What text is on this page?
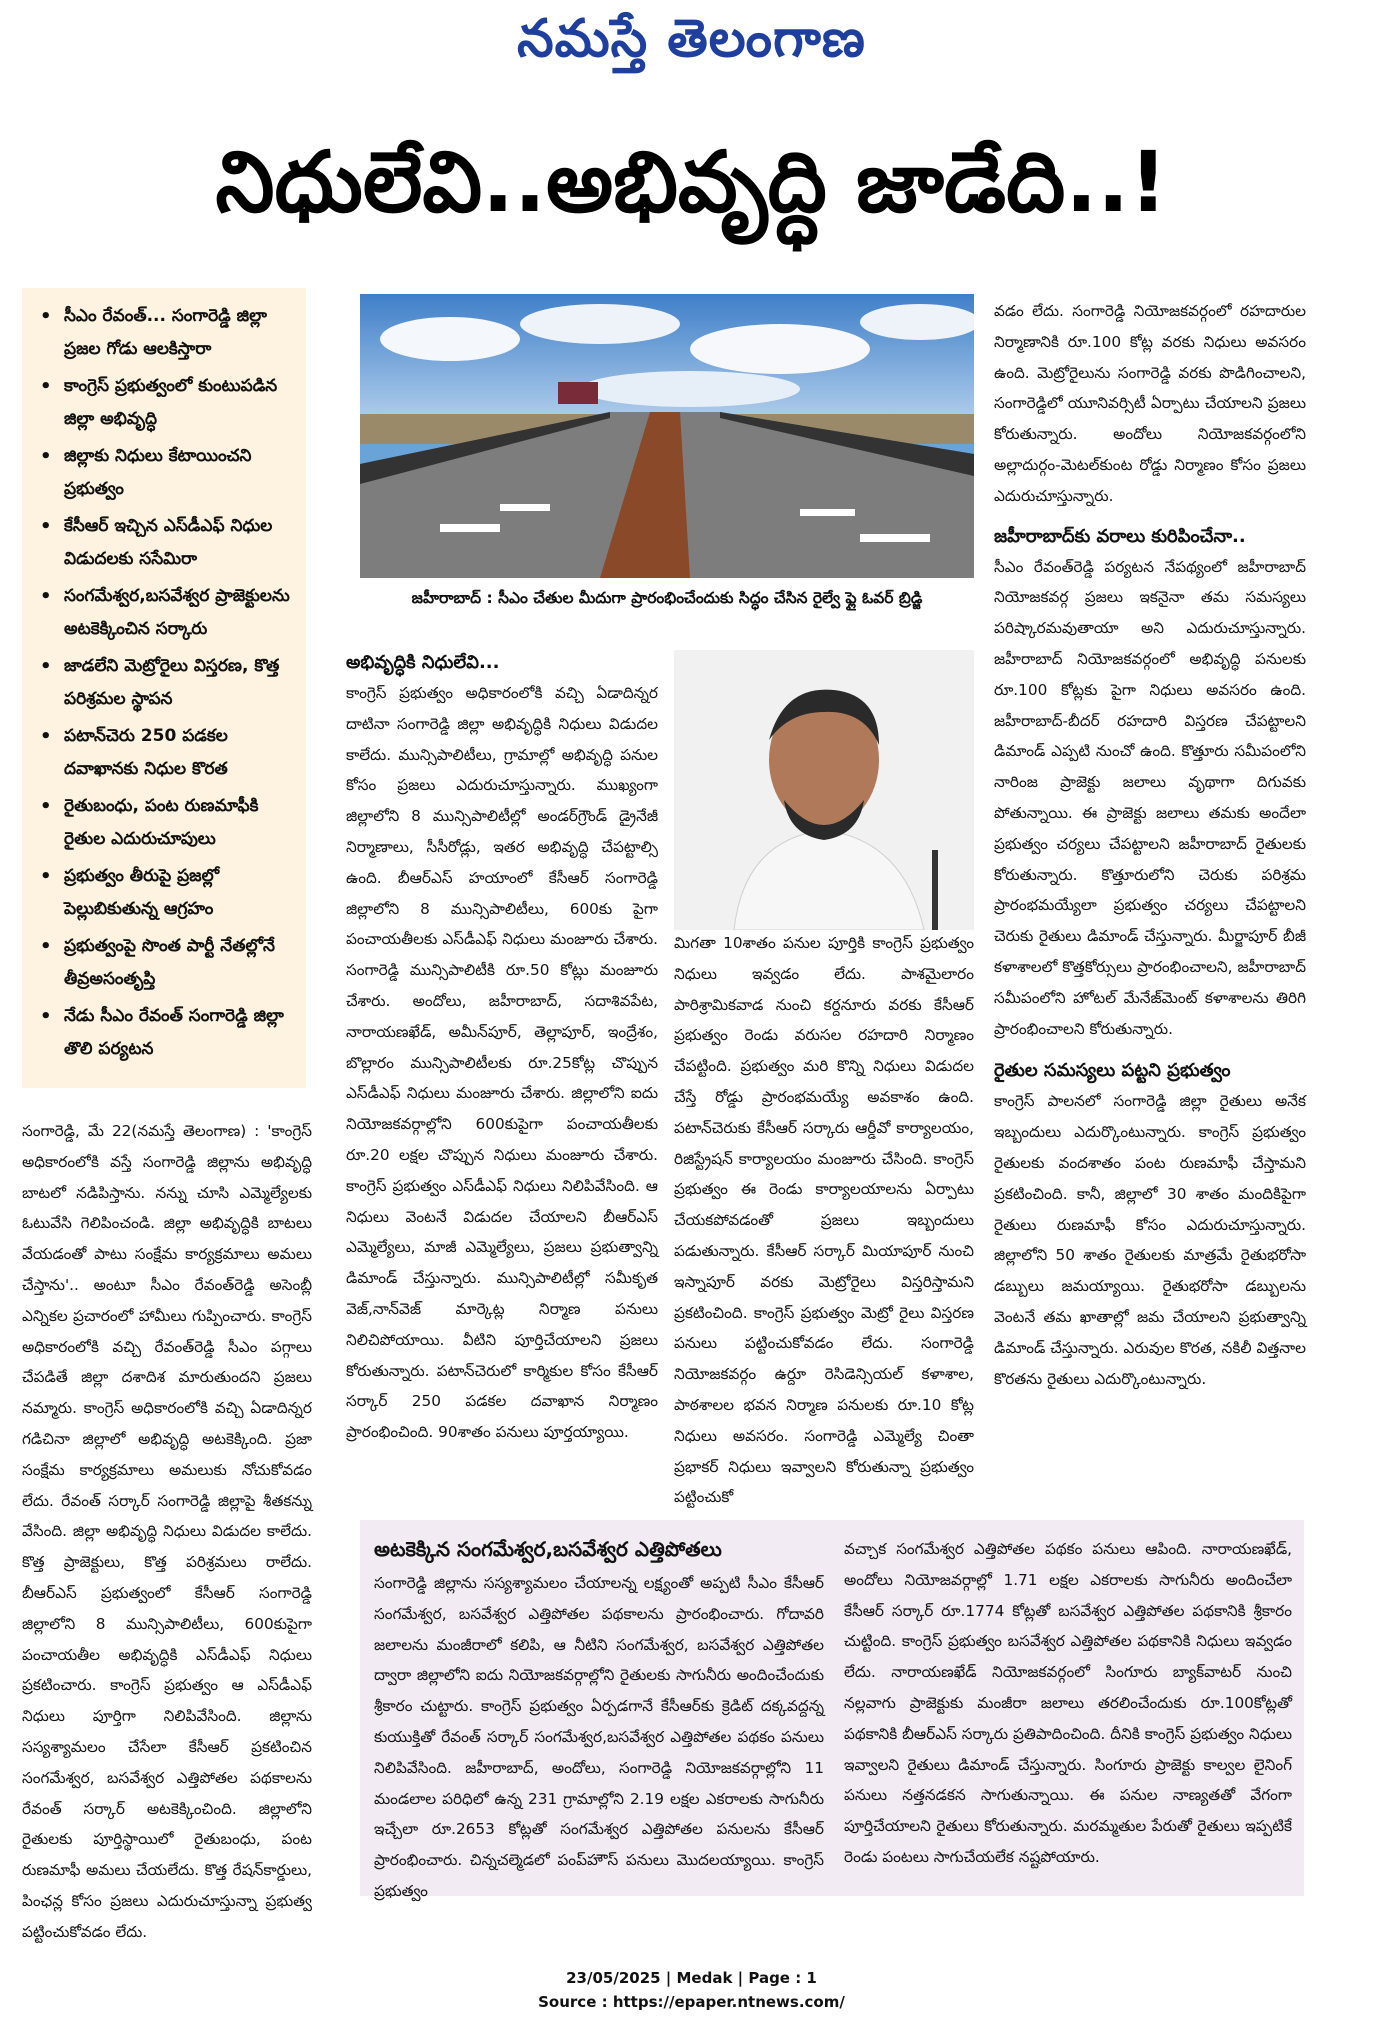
నమస్తే తెలంగాణ
నిధులేవి..అభివృద్ధి జాడేది..!
• సీఎం రేవంత్... సంగారెడ్డి జిల్లా ప్రజల గోడు ఆలకిస్తారా
• కాంగ్రెస్ ప్రభుత్వంలో కుంటుపడిన జిల్లా అభివృద్ధి
• జిల్లాకు నిధులు కేటాయించని ప్రభుత్వం
• కేసీఆర్ ఇచ్చిన ఎస్‌డీఎఫ్ నిధుల విడుదలకు ససేమిరా
• సంగమేశ్వర,బసవేశ్వర ప్రాజెక్టులను అటకెక్కించిన సర్కారు
• జాడలేని మెట్రోరైలు విస్తరణ, కొత్త పరిశ్రమల స్థాపన
• పటాన్‌చెరు 250 పడకల దవాఖానకు నిధుల కొరత
• రైతుబంధు, పంట రుణమాఫీకి రైతుల ఎదురుచూపులు
• ప్రభుత్వం తీరుపై ప్రజల్లో పెల్లుబికుతున్న ఆగ్రహం
• ప్రభుత్వంపై సొంత పార్టీ నేతల్లోనే తీవ్రఅసంతృప్తి
• నేడు సీఎం రేవంత్ సంగారెడ్డి జిల్లా తొలి పర్యటన
జహీరాబాద్ : సీఎం చేతుల మీదుగా ప్రారంభించేందుకు సిద్ధం చేసిన రైల్వే ఫ్లై ఓవర్ బ్రిడ్జి

సంగారెడ్డి, మే 22(నమస్తే తెలంగాణ) : 'కాంగ్రెస్ అధికారంలోకి వస్తే సంగారెడ్డి జిల్లాను అభివృద్ధి బాటలో నడిపిస్తాను. నన్ను చూసి ఎమ్మెల్యేలకు ఓటువేసి గెలిపించండి. జిల్లా అభివృద్ధికి బాటలు వేయడంతో పాటు సంక్షేమ కార్యక్రమాలు అమలు చేస్తాను'.. అంటూ సీఎం రేవంత్‌రెడ్డి అసెంబ్లీ ఎన్నికల ప్రచారంలో హామీలు గుప్పించారు. కాంగ్రెస్ అధికారంలోకి వచ్చి రేవంత్‌రెడ్డి సీఎం పగ్గాలు చేపడితే జిల్లా దశాదిశ మారుతుందని ప్రజలు నమ్మారు. కాంగ్రెస్ అధికారంలోకి వచ్చి ఏడాదిన్నర గడిచినా జిల్లాలో అభివృద్ధి అటకెక్కింది. ప్రజా సంక్షేమ కార్యక్రమాలు అమలుకు నోచుకోవడం లేదు. రేవంత్ సర్కార్ సంగారెడ్డి జిల్లాపై శీతకన్ను వేసింది. జిల్లా అభివృద్ధి నిధులు విడుదల కాలేదు. కొత్త ప్రాజెక్టులు, కొత్త పరిశ్రమలు రాలేదు. బీఆర్‌ఎస్ ప్రభుత్వంలో కేసీఆర్ సంగారెడ్డి జిల్లాలోని 8 మున్సిపాలిటీలు, 600కుపైగా పంచాయతీల అభివృద్ధికి ఎస్‌డీఎఫ్ నిధులు ప్రకటించారు. కాంగ్రెస్ ప్రభుత్వం ఆ ఎస్‌డీఎఫ్ నిధులు పూర్తిగా నిలిపివేసింది. జిల్లాను సస్యశ్యామలం చేసేలా కేసీఆర్ ప్రకటించిన సంగమేశ్వర, బసవేశ్వర ఎత్తిపోతల పథకాలను రేవంత్ సర్కార్ అటకెక్కించింది. జిల్లాలోని రైతులకు పూర్తిస్థాయిలో రైతుబంధు, పంట రుణమాఫీ అమలు చేయలేదు. కొత్త రేషన్‌కార్డులు, పింఛన్ల కోసం ప్రజలు ఎదురుచూస్తున్నా ప్రభుత్వ పట్టించుకోవడం లేదు.

అభివృద్ధికి నిధులేవి...

కాంగ్రెస్ ప్రభుత్వం అధికారంలోకి వచ్చి ఏడాదిన్నర దాటినా సంగారెడ్డి జిల్లా అభివృద్ధికి నిధులు విడుదల కాలేదు. మున్సిపాలిటీలు, గ్రామాల్లో అభివృద్ధి పనుల కోసం ప్రజలు ఎదురుచూస్తున్నారు. ముఖ్యంగా జిల్లాలోని 8 మున్సిపాలిటీల్లో అండర్‌గ్రౌండ్ డ్రైనేజీ నిర్మాణాలు, సీసీరోడ్లు, ఇతర అభివృద్ధి చేపట్టాల్సి ఉంది. బీఆర్‌ఎస్ హయాంలో కేసీఆర్ సంగారెడ్డి జిల్లాలోని 8 మున్సిపాలిటీలు, 600కు పైగా పంచాయతీలకు ఎస్‌డీఎఫ్ నిధులు మంజూరు చేశారు. సంగారెడ్డి మున్సిపాలిటీకి రూ.50 కోట్లు మంజూరు చేశారు. అందోలు, జహీరాబాద్, సదాశివపేట, నారాయణఖేడ్, అమీన్‌పూర్, తెల్లాపూర్, ఇంద్రేశం, బొల్లారం మున్సిపాలిటీలకు రూ.25కోట్ల చొప్పున ఎస్‌డీఎఫ్ నిధులు మంజూరు చేశారు. జిల్లాలోని ఐదు నియోజకవర్గాల్లోని 600కుపైగా పంచాయతీలకు రూ.20 లక్షల చొప్పున నిధులు మంజూరు చేశారు. కాంగ్రెస్ ప్రభుత్వం ఎస్‌డీఎఫ్ నిధులు నిలిపివేసింది. ఆ నిధులు వెంటనే విడుదల చేయాలని బీఆర్‌ఎస్ ఎమ్మెల్యేలు, మాజీ ఎమ్మెల్యేలు, ప్రజలు ప్రభుత్వాన్ని డిమాండ్ చేస్తున్నారు. మున్సిపాలిటీల్లో సమీకృత వెజ్,నాన్‌వెజ్ మార్కెట్ల నిర్మాణ పనులు నిలిచిపోయాయి. వీటిని పూర్తిచేయాలని ప్రజలు కోరుతున్నారు. పటాన్‌చెరులో కార్మికుల కోసం కేసీఆర్ సర్కార్ 250 పడకల దవాఖాన నిర్మాణం ప్రారంభించింది. 90శాతం పనులు పూర్తయ్యాయి.

మిగతా 10శాతం పనుల పూర్తికి కాంగ్రెస్ ప్రభుత్వం నిధులు ఇవ్వడం లేదు. పాశమైలారం పారిశ్రామికవాడ నుంచి కర్దనూరు వరకు కేసీఆర్ ప్రభుత్వం రెండు వరుసల రహదారి నిర్మాణం చేపట్టింది. ప్రభుత్వం మరి కొన్ని నిధులు విడుదల చేస్తే రోడ్డు ప్రారంభమయ్యే అవకాశం ఉంది. పటాన్‌చెరుకు కేసీఆర్ సర్కారు ఆర్డీవో కార్యాలయం, రిజిస్ట్రేషన్ కార్యాలయం మంజూరు చేసింది. కాంగ్రెస్ ప్రభుత్వం ఈ రెండు కార్యాలయాలను ఏర్పాటు చేయకపోవడంతో ప్రజలు ఇబ్బందులు పడుతున్నారు. కేసీఆర్ సర్కార్ మియాపూర్ నుంచి ఇస్నాపూర్ వరకు మెట్రోరైలు విస్తరిస్తామని ప్రకటించింది. కాంగ్రెస్ ప్రభుత్వం మెట్రో రైలు విస్తరణ పనులు పట్టించుకోవడం లేదు. సంగారెడ్డి నియోజకవర్గం ఉర్దూ రెసిడెన్సియల్ కళాశాల, పాఠశాలల భవన నిర్మాణ పనులకు రూ.10 కోట్ల నిధులు అవసరం. సంగారెడ్డి ఎమ్మెల్యే చింతా ప్రభాకర్ నిధులు ఇవ్వాలని కోరుతున్నా ప్రభుత్వం పట్టించుకో

వడం లేదు. సంగారెడ్డి నియోజకవర్గంలో రహదారుల నిర్మాణానికి రూ.100 కోట్ల వరకు నిధులు అవసరం ఉంది. మెట్రోరైలును సంగారెడ్డి వరకు పొడిగించాలని, సంగారెడ్డిలో యూనివర్సిటీ ఏర్పాటు చేయాలని ప్రజలు కోరుతున్నారు. అందోలు నియోజకవర్గంలోని అల్లాదుర్గం-మెటల్‌కుంట రోడ్డు నిర్మాణం కోసం ప్రజలు ఎదురుచూస్తున్నారు.

జహీరాబాద్‌కు వరాలు కురిపించేనా..

సీఎం రేవంత్‌రెడ్డి పర్యటన నేపథ్యంలో జహీరాబాద్ నియోజకవర్గ ప్రజలు ఇకనైనా తమ సమస్యలు పరిష్కారమవుతాయా అని ఎదురుచూస్తున్నారు. జహీరాబాద్ నియోజకవర్గంలో అభివృద్ధి పనులకు రూ.100 కోట్లకు పైగా నిధులు అవసరం ఉంది. జహీరాబాద్-బీదర్ రహదారి విస్తరణ చేపట్టాలని డిమాండ్ ఎప్పటి నుంచో ఉంది. కొత్తూరు సమీపంలోని నారింజ ప్రాజెక్టు జలాలు వృథాగా దిగువకు పోతున్నాయి. ఈ ప్రాజెక్టు జలాలు తమకు అందేలా ప్రభుత్వం చర్యలు చేపట్టాలని జహీరాబాద్ రైతులకు కోరుతున్నారు. కొత్తూరులోని చెరుకు పరిశ్రమ ప్రారంభమయ్యేలా ప్రభుత్వం చర్యలు చేపట్టాలని చెరుకు రైతులు డిమాండ్ చేస్తున్నారు. మీర్జాపూర్ బీజీ కళాశాలలో కొత్తకోర్సులు ప్రారంభించాలని, జహీరాబాద్ సమీపంలోని హోటల్ మేనేజ్‌మెంట్ కళాశాలను తిరిగి ప్రారంభించాలని కోరుతున్నారు.

రైతుల సమస్యలు పట్టని ప్రభుత్వం

కాంగ్రెస్ పాలనలో సంగారెడ్డి జిల్లా రైతులు అనేక ఇబ్బందులు ఎదుర్కొంటున్నారు. కాంగ్రెస్ ప్రభుత్వం రైతులకు వందశాతం పంట రుణమాఫీ చేస్తామని ప్రకటించింది. కానీ, జిల్లాలో 30 శాతం మందికిపైగా రైతులు రుణమాఫీ కోసం ఎదురుచూస్తున్నారు. జిల్లాలోని 50 శాతం రైతులకు మాత్రమే రైతుభరోసా డబ్బులు జమయ్యాయి. రైతుభరోసా డబ్బులను వెంటనే తమ ఖాతాల్లో జమ చేయాలని ప్రభుత్వాన్ని డిమాండ్ చేస్తున్నారు. ఎరువుల కొరత, నకిలీ విత్తనాల కొరతను రైతులు ఎదుర్కొంటున్నారు.

అటకెక్కిన సంగమేశ్వర,బసవేశ్వర ఎత్తిపోతలు

సంగారెడ్డి జిల్లాను సస్యశ్యామలం చేయాలన్న లక్ష్యంతో అప్పటి సీఎం కేసీఆర్ సంగమేశ్వర, బసవేశ్వర ఎత్తిపోతల పథకాలను ప్రారంభించారు. గోదావరి జలాలను మంజీరాలో కలిపి, ఆ నీటిని సంగమేశ్వర, బసవేశ్వర ఎత్తిపోతల ద్వారా జిల్లాలోని ఐదు నియోజకవర్గాల్లోని రైతులకు సాగునీరు అందించేందుకు శ్రీకారం చుట్టారు. కాంగ్రెస్ ప్రభుత్వం ఏర్పడగానే కేసీఆర్‌కు క్రెడిట్ దక్కవద్దన్న కుయుక్తితో రేవంత్ సర్కార్ సంగమేశ్వర,బసవేశ్వర ఎత్తిపోతల పథకం పనులు నిలిపివేసింది. జహీరాబాద్, అందోలు, సంగారెడ్డి నియోజకవర్గాల్లోని 11 మండలాల పరిధిలో ఉన్న 231 గ్రామాల్లోని 2.19 లక్షల ఎకరాలకు సాగునీరు ఇచ్చేలా రూ.2653 కోట్లతో సంగమేశ్వర ఎత్తిపోతల పనులను కేసీఆర్ ప్రారంభించారు. చిన్నచల్మెడలో పంప్‌హౌస్ పనులు మొదలయ్యాయి. కాంగ్రెస్ ప్రభుత్వం

వచ్చాక సంగమేశ్వర ఎత్తిపోతల పథకం పనులు ఆపింది. నారాయణఖేడ్, అందోలు నియోజవర్గాల్లో 1.71 లక్షల ఎకరాలకు సాగునీరు అందించేలా కేసీఆర్ సర్కార్ రూ.1774 కోట్లతో బసవేశ్వర ఎత్తిపోతల పథకానికి శ్రీకారం చుట్టింది. కాంగ్రెస్ ప్రభుత్వం బసవేశ్వర ఎత్తిపోతల పథకానికి నిధులు ఇవ్వడం లేదు. నారాయణఖేడ్ నియోజకవర్గంలో సింగూరు బ్యాక్‌వాటర్ నుంచి నల్లవాగు ప్రాజెక్టుకు మంజీరా జలాలు తరలించేందుకు రూ.100కోట్లతో పథకానికి బీఆర్‌ఎస్ సర్కారు ప్రతిపాదించింది. దీనికి కాంగ్రెస్ ప్రభుత్వం నిధులు ఇవ్వాలని రైతులు డిమాండ్ చేస్తున్నారు. సింగూరు ప్రాజెక్టు కాల్వల లైనింగ్ పనులు నత్తనడకన సాగుతున్నాయి. ఈ పనుల నాణ్యతతో వేగంగా పూర్తిచేయాలని రైతులు కోరుతున్నారు. మరమ్మతుల పేరుతో రైతులు ఇప్పటికే రెండు పంటలు సాగుచేయలేక నష్టపోయారు.

23/05/2025 | Medak | Page : 1
Source : https://epaper.ntnews.com/
